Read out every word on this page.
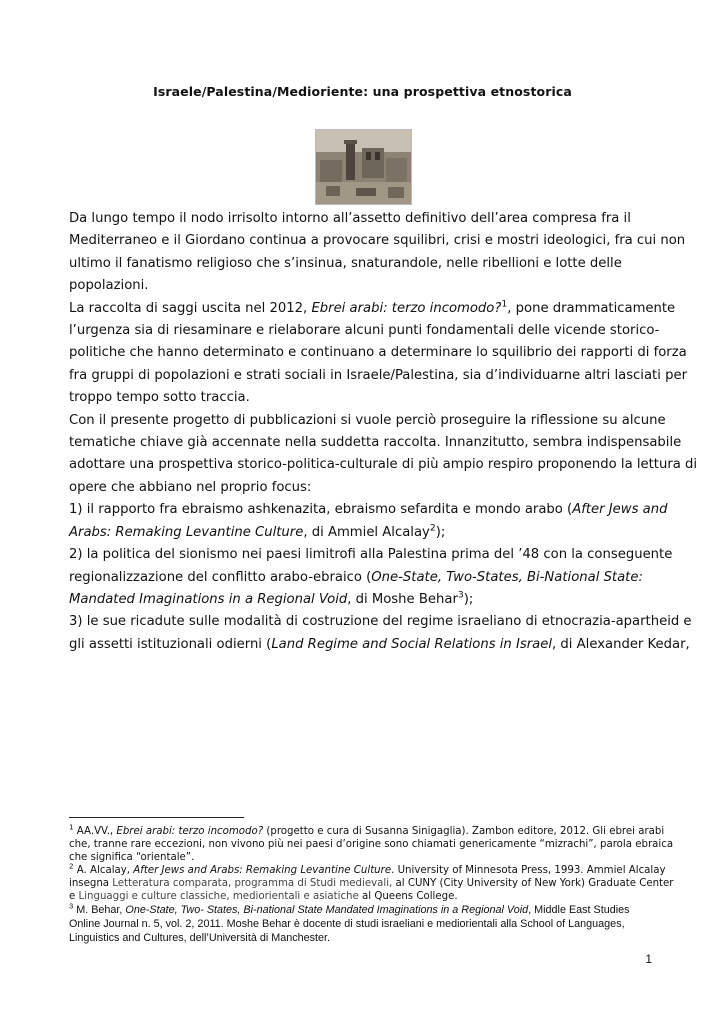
Israele/Palestina/Medioriente: una prospettiva etnostorica

Da lungo tempo il nodo irrisolto intorno all’assetto definitivo dell’area compresa fra il

Mediterraneo e il Giordano continua a provocare squilibri, crisi e mostri ideologici, fra cui non

ultimo il fanatismo religioso che s’insinua, snaturandole, nelle ribellioni e lotte delle

popolazioni.

La raccolta di saggi uscita nel 2012, Ebrei arabi: terzo incomodo?$^1$, pone drammaticamente

l’urgenza sia di riesaminare e rielaborare alcuni punti fondamentali delle vicende storico-

politiche che hanno determinato e continuano a determinare lo squilibrio dei rapporti di forza

fra gruppi di popolazioni e strati sociali in Israele/Palestina, sia d’individuarne altri lasciati per

troppo tempo sotto traccia.

Con il presente progetto di pubblicazioni si vuole perciò proseguire la riflessione su alcune

tematiche chiave già accennate nella suddetta raccolta. Innanzitutto, sembra indispensabile

adottare una prospettiva storico-politica-culturale di più ampio respiro proponendo la lettura di

opere che abbiano nel proprio focus:

1) il rapporto fra ebraismo ashkenazita, ebraismo sefardita e mondo arabo (After Jews and

Arabs: Remaking Levantine Culture, di Ammiel Alcalay$^2$);

2) la politica del sionismo nei paesi limitrofi alla Palestina prima del ’48 con la conseguente

regionalizzazione del conflitto arabo-ebraico (One-State, Two-States, Bi-National State:

Mandated Imaginations in a Regional Void, di Moshe Behar$^3$);

3) le sue ricadute sulle modalità di costruzione del regime israeliano di etnocrazia-apartheid e

gli assetti istituzionali odierni (Land Regime and Social Relations in Israel, di Alexander Kedar,

$^1$ AA.VV., Ebrei arabi: terzo incomodo? (progetto e cura di Susanna Sinigaglia). Zambon editore, 2012. Gli ebrei arabi

che, tranne rare eccezioni, non vivono più nei paesi d’origine sono chiamati genericamente “mizrachi”, parola ebraica

che significa “orientale”.

$^2$ A. Alcalay, After Jews and Arabs: Remaking Levantine Culture. University of Minnesota Press, 1993. Ammiel Alcalay

insegna Letteratura comparata, programma di Studi medievali, al CUNY (City University of New York) Graduate Center

e Linguaggi e culture classiche, mediorientali e asiatiche al Queens College.

$^3$ M. Behar, One-State, Two- States, Bi-national State Mandated Imaginations in a Regional Void, Middle East Studies

Online Journal n. 5, vol. 2, 2011. Moshe Behar è docente di studi israeliani e mediorientali alla School of Languages,

Linguistics and Cultures, dell’Università di Manchester.

1
